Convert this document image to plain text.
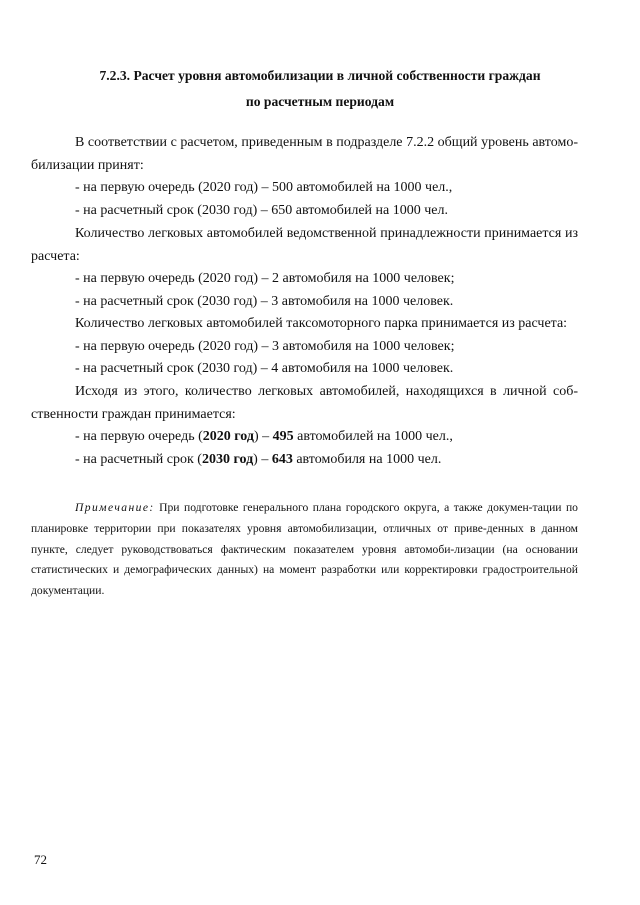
7.2.3. Расчет уровня автомобилизации в личной собственности граждан
по расчетным периодам

В соответствии с расчетом, приведенным в подразделе 7.2.2 общий уровень автомо-билизации принят:

- на первую очередь (2020 год) – 500 автомобилей на 1000 чел.,

- на расчетный срок (2030 год) – 650 автомобилей на 1000 чел.

Количество легковых автомобилей ведомственной принадлежности принимается из расчета:

- на первую очередь (2020 год) – 2 автомобиля на 1000 человек;

- на расчетный срок (2030 год) – 3 автомобиля на 1000 человек.

Количество легковых автомобилей таксомоторного парка принимается из расчета:

- на первую очередь (2020 год) – 3 автомобиля на 1000 человек;

- на расчетный срок (2030 год) – 4 автомобиля на 1000 человек.

Исходя из этого, количество легковых автомобилей, находящихся в личной соб-ственности граждан принимается:

- на первую очередь (2020 год) – 495 автомобилей на 1000 чел.,

- на расчетный срок (2030 год) – 643 автомобиля на 1000 чел.

Примечание: При подготовке генерального плана городского округа, а также докумен-тации по планировке территории при показателях уровня автомобилизации, отличных от приве-денных в данном пункте, следует руководствоваться фактическим показателем уровня автомоби-лизации (на основании статистических и демографических данных) на момент разработки или корректировки градостроительной документации.

72
